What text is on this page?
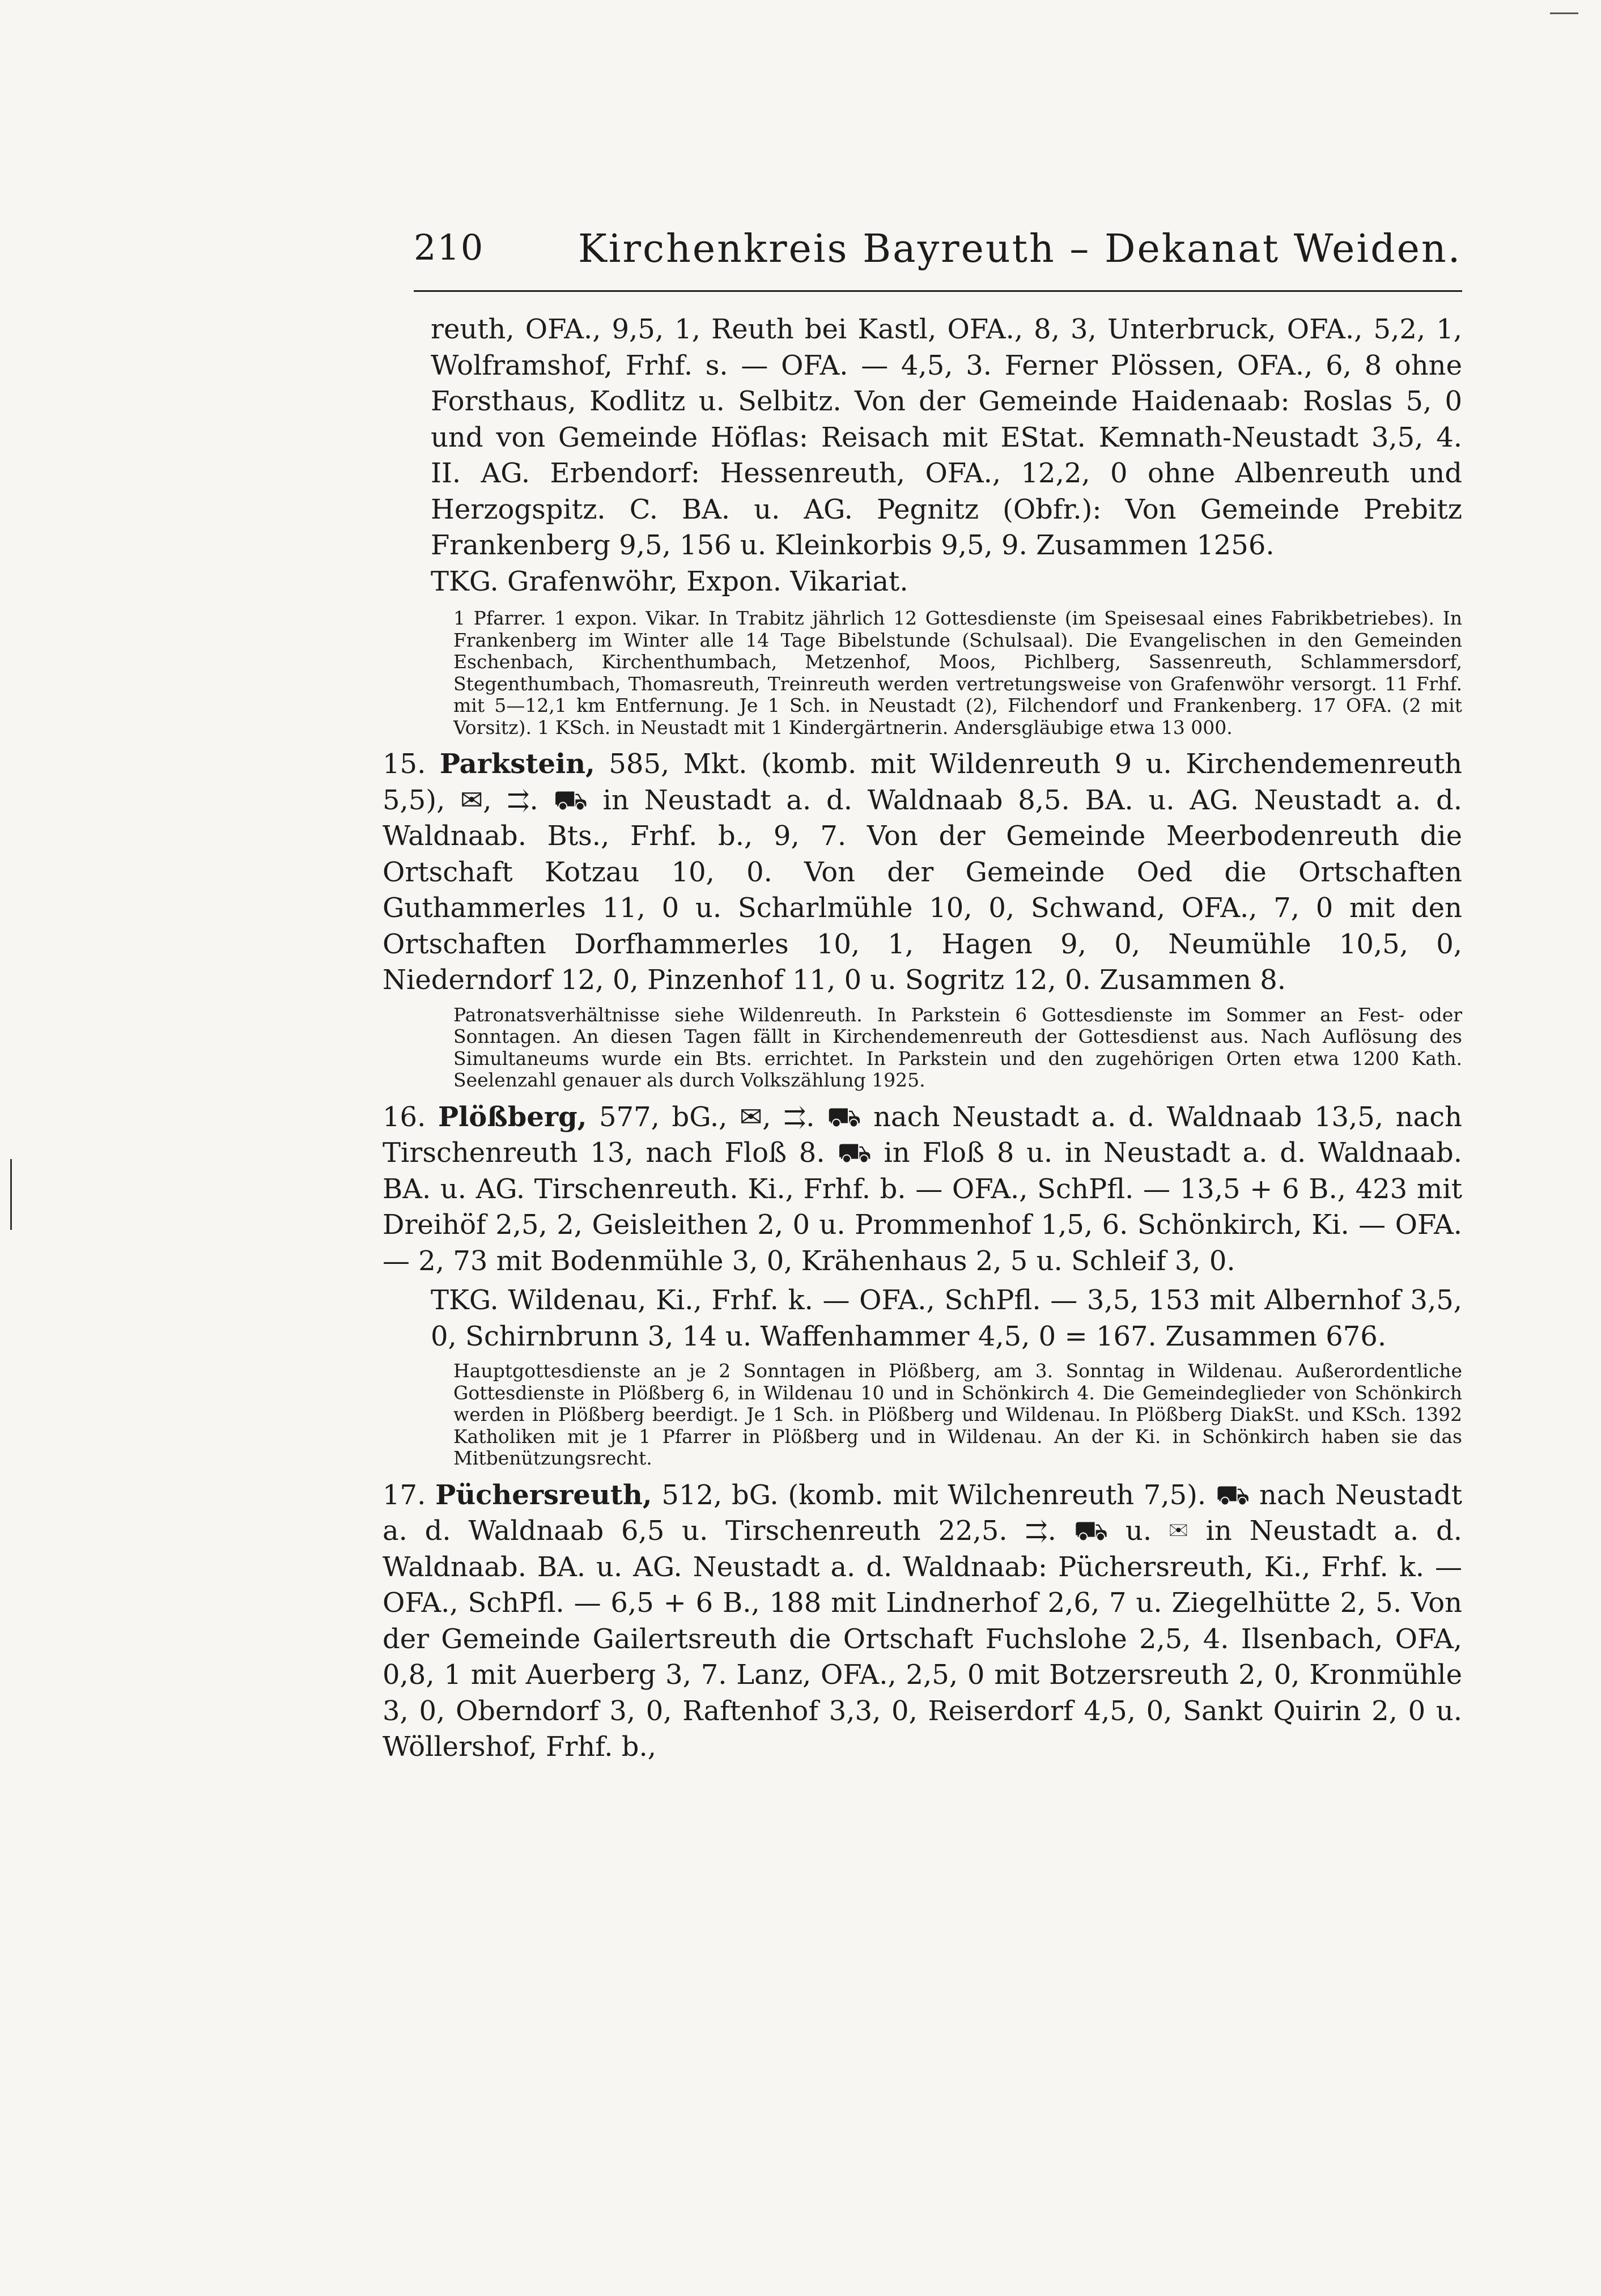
210 Kirchenkreis Bayreuth – Dekanat Weiden.

reuth, OFA., 9,5, 1, Reuth bei Kastl, OFA., 8, 3, Unterbruck, OFA., 5,2, 1, Wolframshof, Frhf. s. — OFA. — 4,5, 3. Ferner Plössen, OFA., 6, 8 ohne Forsthaus, Kodlitz u. Selbitz. Von der Gemeinde Haidenaab: Roslas 5, 0 und von Gemeinde Höflas: Reisach mit EStat. Kemnath-Neustadt 3,5, 4. II. AG. Erbendorf: Hessenreuth, OFA., 12,2, 0 ohne Albenreuth und Herzogspitz. C. BA. u. AG. Pegnitz (Obfr.): Von Gemeinde Prebitz Frankenberg 9,5, 156 u. Kleinkorbis 9,5, 9. Zusammen 1256.

TKG. Grafenwöhr, Expon. Vikariat.

1 Pfarrer. 1 expon. Vikar. In Trabitz jährlich 12 Gottesdienste (im Speisesaal eines Fabrikbetriebes). In Frankenberg im Winter alle 14 Tage Bibelstunde (Schulsaal). Die Evangelischen in den Gemeinden Eschenbach, Kirchenthumbach, Metzenhof, Moos, Pichlberg, Sassenreuth, Schlammersdorf, Stegenthumbach, Thomasreuth, Treinreuth werden vertretungsweise von Grafenwöhr versorgt. 11 Frhf. mit 5—12,1 km Entfernung. Je 1 Sch. in Neustadt (2), Filchendorf und Frankenberg. 17 OFA. (2 mit Vorsitz). 1 KSch. in Neustadt mit 1 Kindergärtnerin. Andersgläubige etwa 13 000.

15. Parkstein, 585, Mkt. (komb. mit Wildenreuth 9 u. Kirchendemenreuth 5,5), ✉, ⇉. ⛟ in Neustadt a. d. Waldnaab 8,5. BA. u. AG. Neustadt a. d. Waldnaab. Bts., Frhf. b., 9, 7. Von der Gemeinde Meerbodenreuth die Ortschaft Kotzau 10, 0. Von der Gemeinde Oed die Ortschaften Guthammerles 11, 0 u. Scharlmühle 10, 0, Schwand, OFA., 7, 0 mit den Ortschaften Dorfhammerles 10, 1, Hagen 9, 0, Neumühle 10,5, 0, Niederndorf 12, 0, Pinzenhof 11, 0 u. Sogritz 12, 0. Zusammen 8.

Patronatsverhältnisse siehe Wildenreuth. In Parkstein 6 Gottesdienste im Sommer an Fest- oder Sonntagen. An diesen Tagen fällt in Kirchendemenreuth der Gottesdienst aus. Nach Auflösung des Simultaneums wurde ein Bts. errichtet. In Parkstein und den zugehörigen Orten etwa 1200 Kath. Seelenzahl genauer als durch Volkszählung 1925.

16. Plößberg, 577, bG., ✉, ⇉. ⛟ nach Neustadt a. d. Waldnaab 13,5, nach Tirschenreuth 13, nach Floß 8. ⛟ in Floß 8 u. in Neustadt a. d. Waldnaab. BA. u. AG. Tirschenreuth. Ki., Frhf. b. — OFA., SchPfl. — 13,5 + 6 B., 423 mit Dreihöf 2,5, 2, Geisleithen 2, 0 u. Prommenhof 1,5, 6. Schönkirch, Ki. — OFA. — 2, 73 mit Bodenmühle 3, 0, Krähenhaus 2, 5 u. Schleif 3, 0.

TKG. Wildenau, Ki., Frhf. k. — OFA., SchPfl. — 3,5, 153 mit Albernhof 3,5, 0, Schirnbrunn 3, 14 u. Waffenhammer 4,5, 0 = 167. Zusammen 676.

Hauptgottesdienste an je 2 Sonntagen in Plößberg, am 3. Sonntag in Wildenau. Außerordentliche Gottesdienste in Plößberg 6, in Wildenau 10 und in Schönkirch 4. Die Gemeindeglieder von Schönkirch werden in Plößberg beerdigt. Je 1 Sch. in Plößberg und Wildenau. In Plößberg DiakSt. und KSch. 1392 Katholiken mit je 1 Pfarrer in Plößberg und in Wildenau. An der Ki. in Schönkirch haben sie das Mitbenützungsrecht.

17. Püchersreuth, 512, bG. (komb. mit Wilchenreuth 7,5). ⛟ nach Neustadt a. d. Waldnaab 6,5 u. Tirschenreuth 22,5. ⇉. ⛟ u. ✉ in Neustadt a. d. Waldnaab. BA. u. AG. Neustadt a. d. Waldnaab: Püchersreuth, Ki., Frhf. k. — OFA., SchPfl. — 6,5 + 6 B., 188 mit Lindnerhof 2,6, 7 u. Ziegelhütte 2, 5. Von der Gemeinde Gailertsreuth die Ortschaft Fuchslohe 2,5, 4. Ilsenbach, OFA, 0,8, 1 mit Auerberg 3, 7. Lanz, OFA., 2,5, 0 mit Botzersreuth 2, 0, Kronmühle 3, 0, Oberndorf 3, 0, Raftenhof 3,3, 0, Reiserdorf 4,5, 0, Sankt Quirin 2, 0 u. Wöllershof, Frhf. b.,
